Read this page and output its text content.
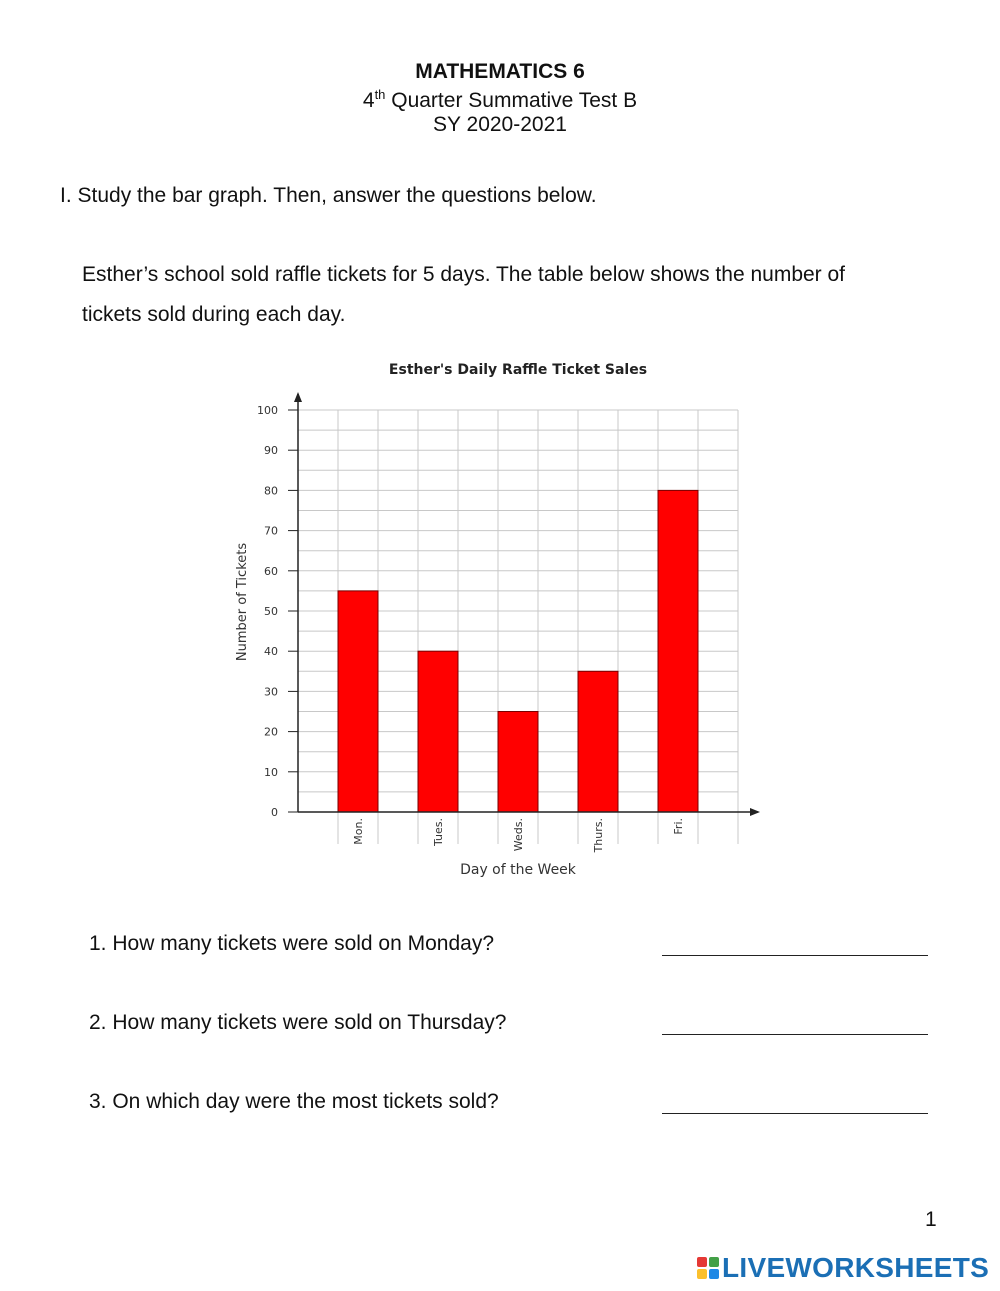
MATHEMATICS 6
4th Quarter Summative Test B
SY 2020-2021
I. Study the bar graph. Then, answer the questions below.
Esther’s school sold raffle tickets for 5 days. The table below shows the number of
tickets sold during each day.
Esther's Daily Raffle Ticket Sales
0
10
20
30
40
50
60
70
80
90
100
Mon.	Tues.	Weds.	Thurs.	Fri.
Day of the Week
Number of Tickets
1. How many tickets were sold on Monday?
2. How many tickets were sold on Thursday?
3. On which day were the most tickets sold?
1
LIVEWORKSHEETS
